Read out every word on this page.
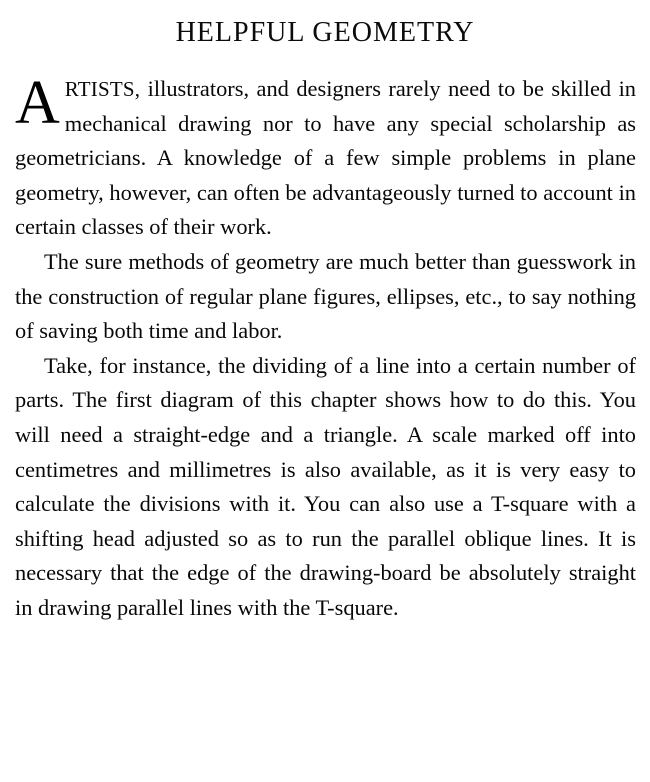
HELPFUL GEOMETRY

ARTISTS, illustrators, and designers rarely need to be skilled in mechanical drawing nor to have any special scholarship as geometricians. A knowledge of a few simple problems in plane geometry, however, can often be advantageously turned to account in certain classes of their work.

The sure methods of geometry are much better than guesswork in the construction of regular plane figures, ellipses, etc., to say nothing of saving both time and labor.

Take, for instance, the dividing of a line into a certain number of parts. The first diagram of this chapter shows how to do this. You will need a straight-edge and a triangle. A scale marked off into centimetres and millimetres is also available, as it is very easy to calculate the divisions with it. You can also use a T-square with a shifting head adjusted so as to run the parallel oblique lines. It is necessary that the edge of the drawing-board be absolutely straight in drawing parallel lines with the T-square.
